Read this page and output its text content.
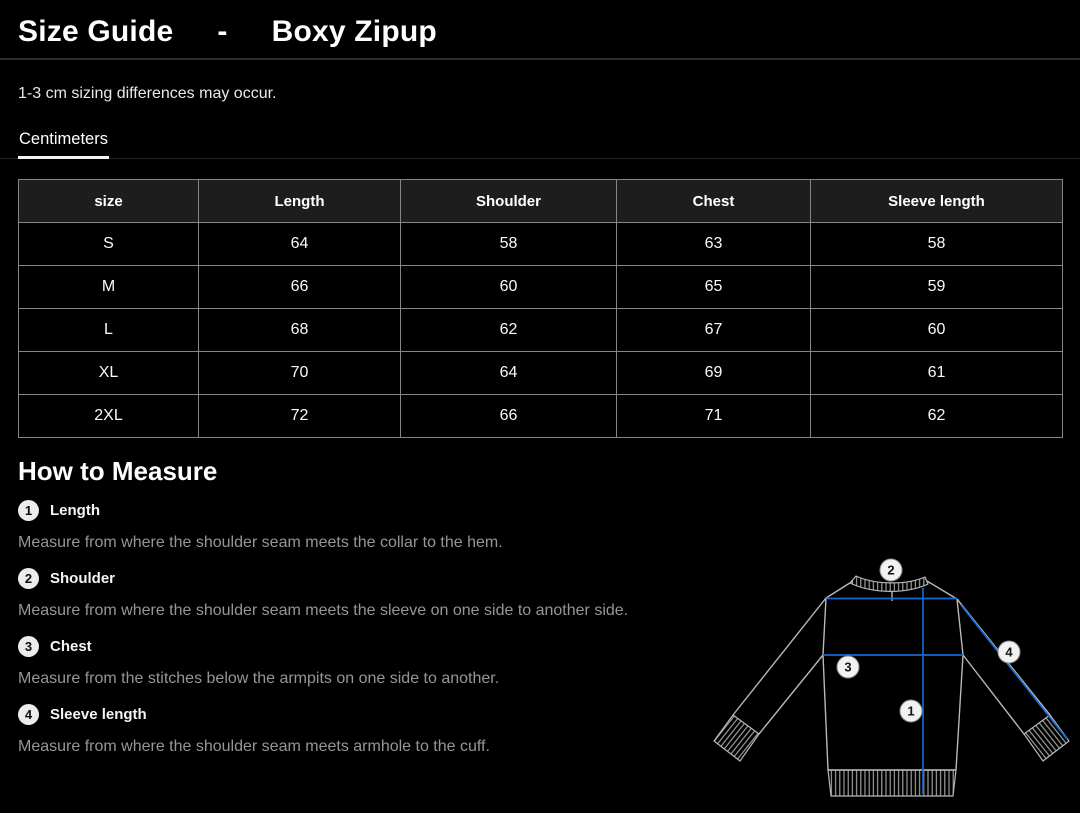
Size Guide - Boxy Zipup

1-3 cm sizing differences may occur.

Centimeters
size	Length	Shoulder	Chest	Sleeve length
S	64	58	63	58
M	66	60	65	59
L	68	62	67	60
XL	70	64	69	61
2XL	72	66	71	62
How to Measure
1	Length

Measure from where the shoulder seam meets the collar to the hem.

2	Shoulder

Measure from where the shoulder seam meets the sleeve on one side to another side.

3	Chest

Measure from the stitches below the armpits on one side to another.

4	Sleeve length

Measure from where the shoulder seam meets armhole to the cuff.

2
3
1
4
